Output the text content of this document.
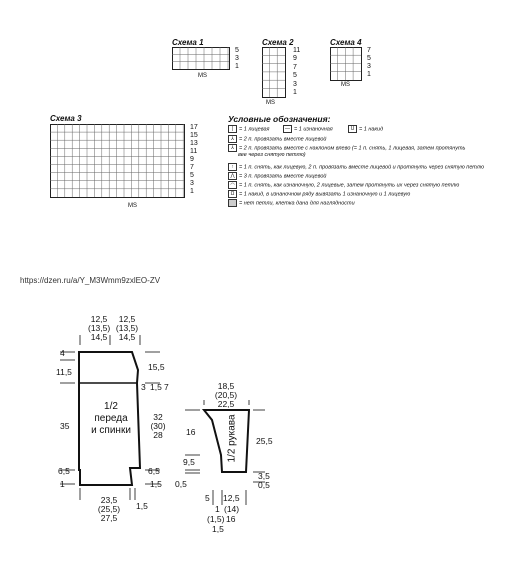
Схема 1
5
3
1
MS
Схема 2
11
9
7
5
3
1
MS
Схема 4
7
5
3
1
MS
Схема 3
17
15
13
11
9
7
5
3
1
MS
Условные обозначения:
| = 1 лицевая	— = 1 изнаночная	U = 1 накид
⅄ = 2 п. провязать вместе лицевой
⅄ = 2 п. провязать вместе с наклоном влево (= 1 п. снять, 1 лицевая, затем протянуть
вее через снятую петлю)
↑ = 1 п. снять, как лицевую, 2 п. провязать вместе лицевой и протянуть через снятую петлю
⋀ = 3 п. провязать вместе лицевой
◠ = 1 п. снять, как изнаночную, 2 лицевые, затем протянуть их через снятую петлю
Ω = 1 накид, в изнаночном ряду вывязать 1 изнаночную и 1 лицевую
= нет петли, клетка дана для наглядности
https://dzen.ru/a/Y_M3Wmm9zxlEO-ZV
12,5
(13,5)
14,5
12,5
(13,5)
14,5
4
11,5
35
6,5
1
15,5
3 1,5 7
32
(30)
28
6,5
1,5
23,5
(25,5)
27,5
1,5
1/2
переда
и спинки
18,5
(20,5)
22,5
16
9,5
0,5
25,5
3,5
0,5
5 12,5
1 (14)
(1,5) 16
1,5
1/2 рукава
